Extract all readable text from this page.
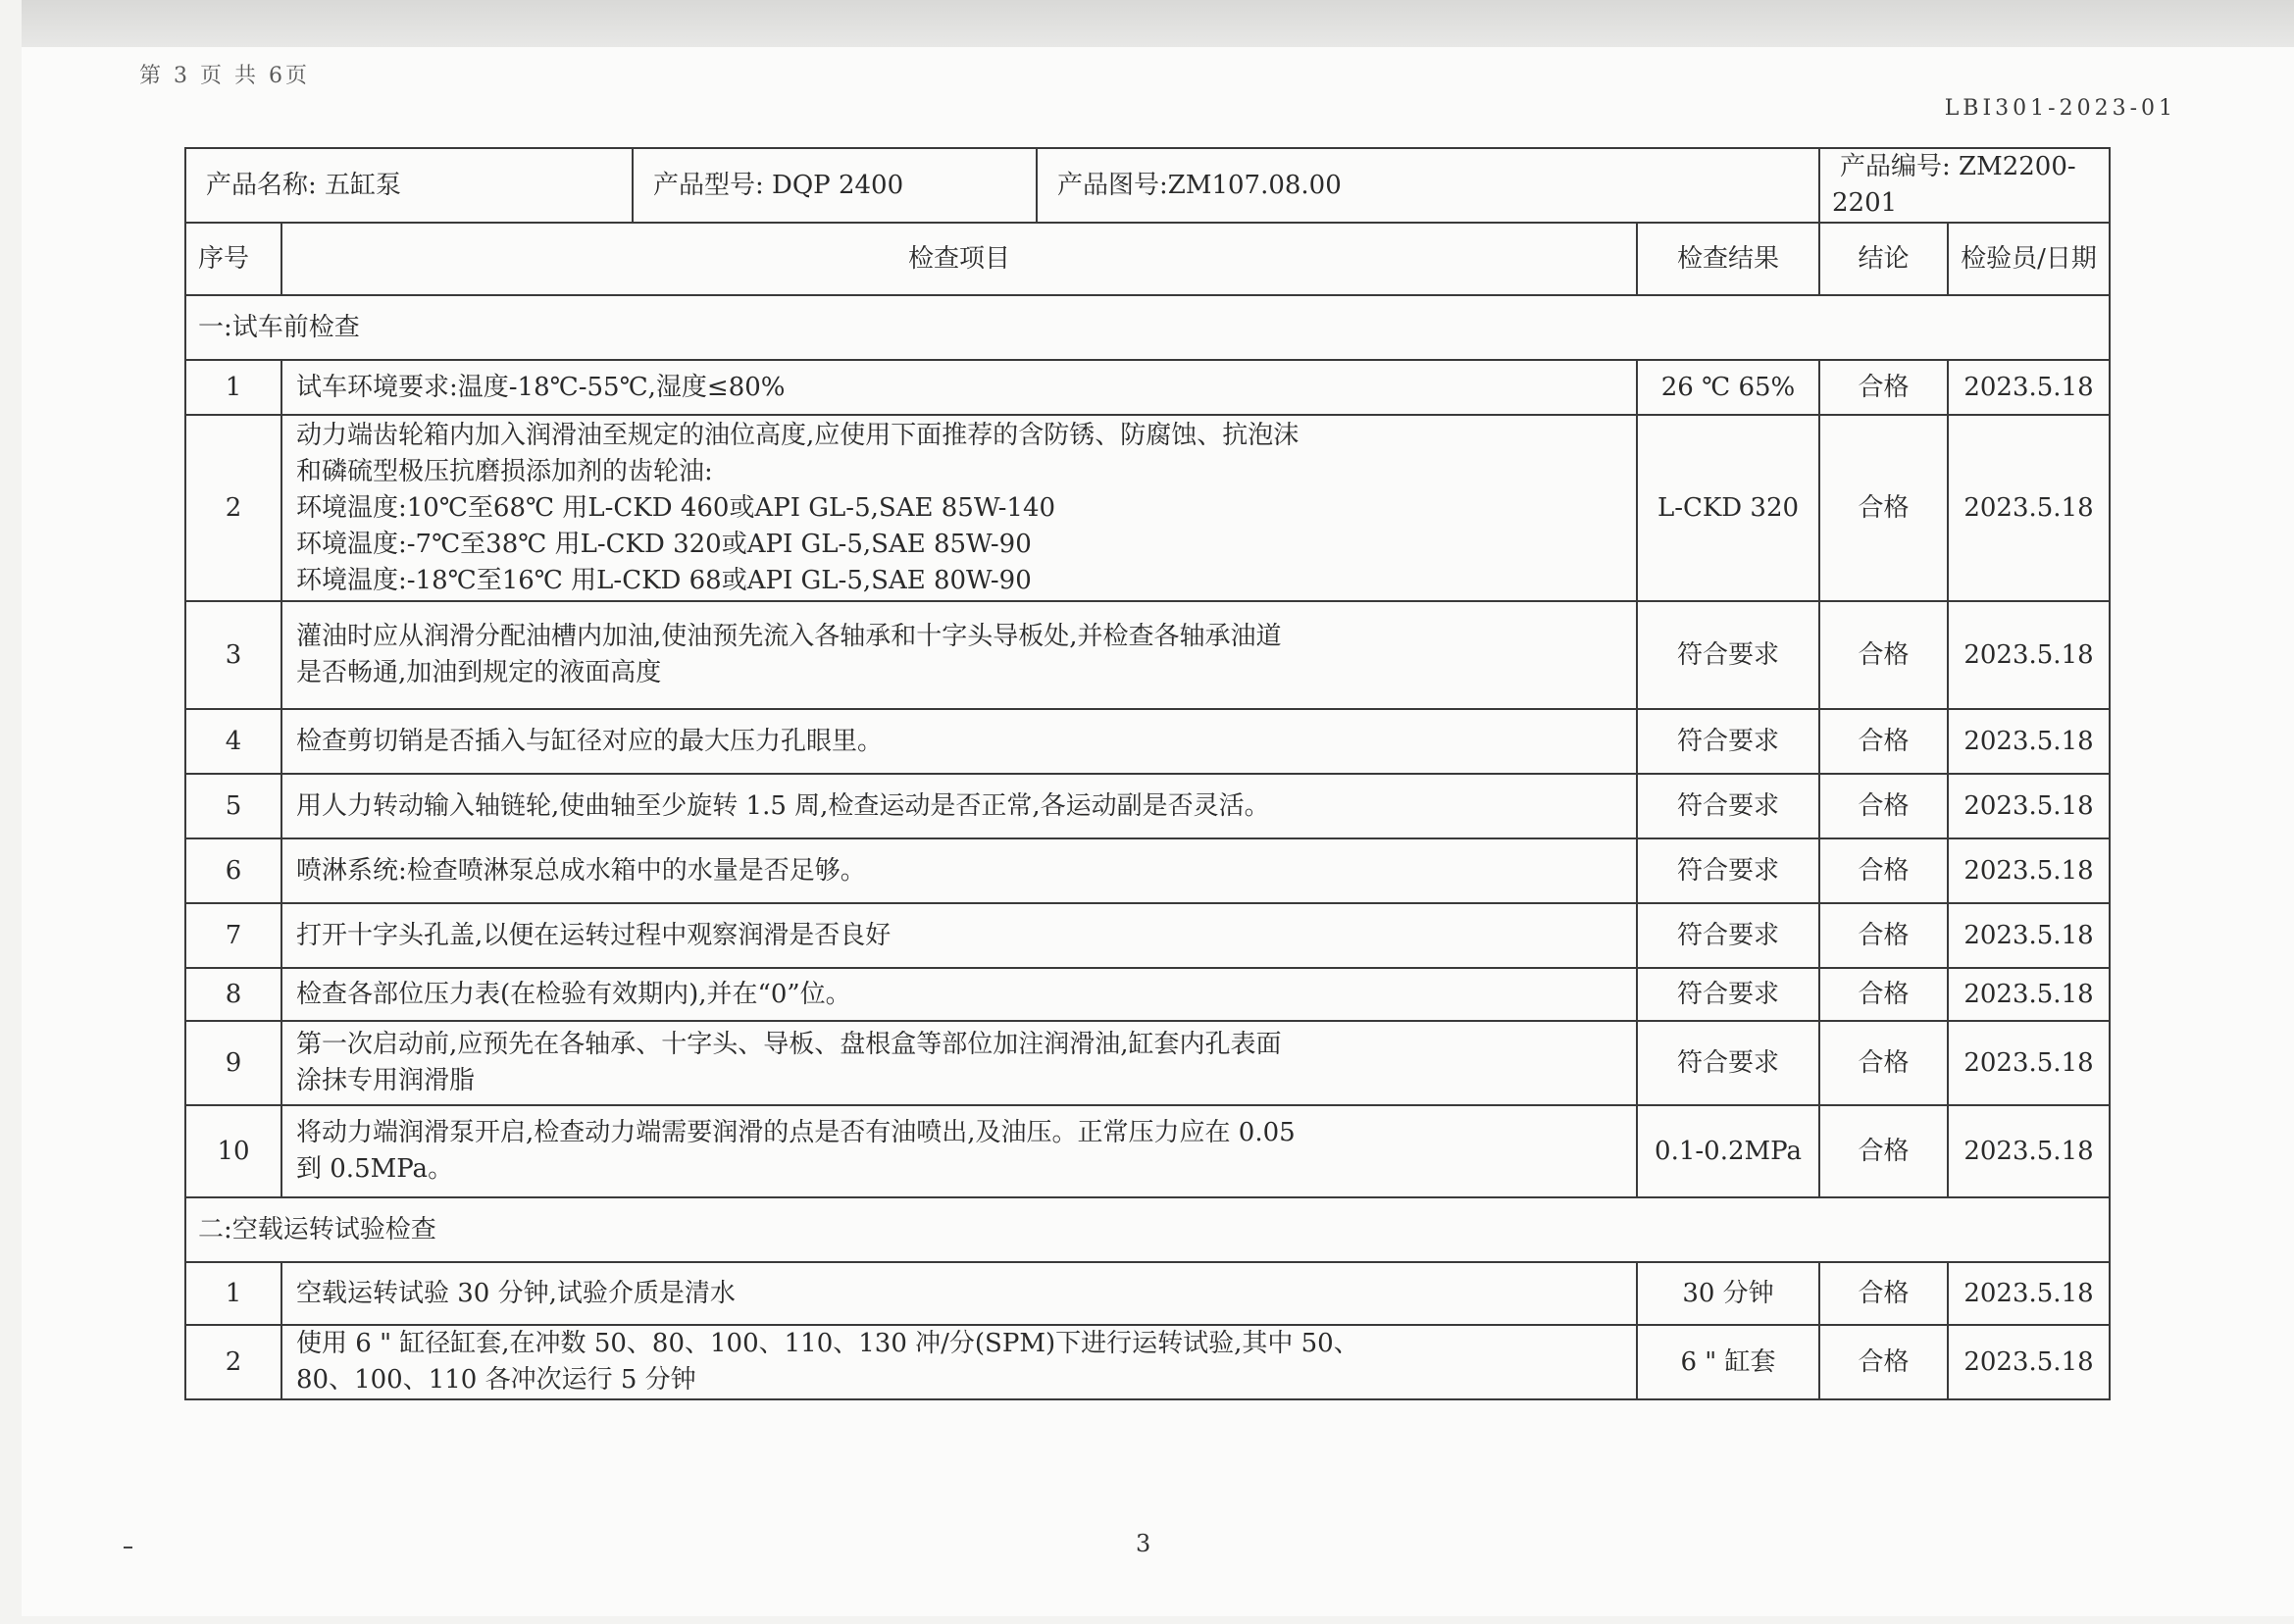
第 3 页 共 6页
LBI301-2023-01
产品名称: 五缸泵		产品型号: DQP 2400	产品图号:ZM107.08.00		产品编号: ZM2200-2201	
序号	检查项目			检查结果	结论	检验员/日期
一:试车前检查						
1	试车环境要求:温度-18℃-55℃,湿度≤80%			26 ℃ 65%	合格	2023.5.18
2	动力端齿轮箱内加入润滑油至规定的油位高度,应使用下面推荐的含防锈、防腐蚀、抗泡沫
和磷硫型极压抗磨损添加剂的齿轮油:
环境温度:10℃至68℃ 用L-CKD 460或API GL-5,SAE 85W-140
环境温度:-7℃至38℃ 用L-CKD 320或API GL-5,SAE 85W-90
环境温度:-18℃至16℃ 用L-CKD 68或API GL-5,SAE 80W-90			L-CKD 320	合格	2023.5.18
3	灌油时应从润滑分配油槽内加油,使油预先流入各轴承和十字头导板处,并检查各轴承油道
是否畅通,加油到规定的液面高度			符合要求	合格	2023.5.18
4	检查剪切销是否插入与缸径对应的最大压力孔眼里。			符合要求	合格	2023.5.18
5	用人力转动输入轴链轮,使曲轴至少旋转 1.5 周,检查运动是否正常,各运动副是否灵活。			符合要求	合格	2023.5.18
6	喷淋系统:检查喷淋泵总成水箱中的水量是否足够。			符合要求	合格	2023.5.18
7	打开十字头孔盖,以便在运转过程中观察润滑是否良好			符合要求	合格	2023.5.18
8	检查各部位压力表(在检验有效期内),并在“0”位。			符合要求	合格	2023.5.18
9	第一次启动前,应预先在各轴承、十字头、导板、盘根盒等部位加注润滑油,缸套内孔表面
涂抹专用润滑脂			符合要求	合格	2023.5.18
10	将动力端润滑泵开启,检查动力端需要润滑的点是否有油喷出,及油压。正常压力应在 0.05
到 0.5MPa。			0.1-0.2MPa	合格	2023.5.18
二:空载运转试验检查						
1	空载运转试验 30 分钟,试验介质是清水			30 分钟	合格	2023.5.18
2	使用 6 " 缸径缸套,在冲数 50、80、100、110、130 冲/分(SPM)下进行运转试验,其中 50、
80、100、110 各冲次运行 5 分钟			6 " 缸套	合格	2023.5.18
3
